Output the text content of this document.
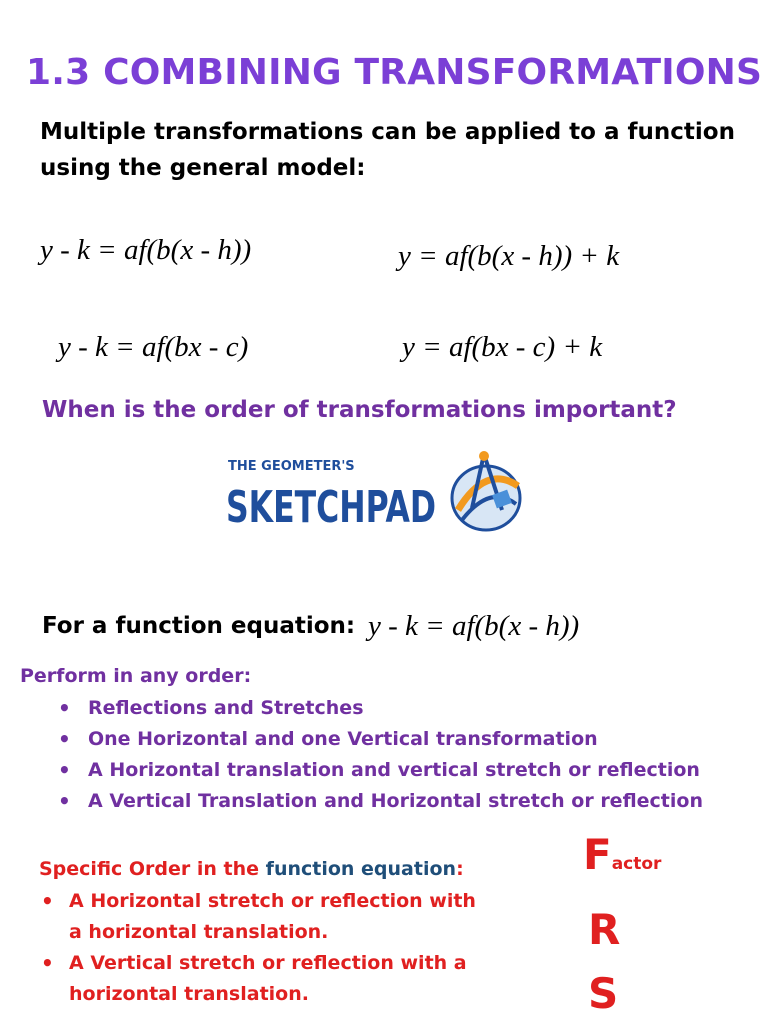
1.3 COMBINING TRANSFORMATIONS
Multiple transformations can be applied to a function
using the general model:
y - k = af(b(x - h))	y = af(b(x - h)) + k
y - k = af(bx - c)	y = af(bx - c) + k
When is the order of transformations important?
THE GEOMETER'S
SKETCHPAD
For a function equation: y - k = af(b(x - h))
Perform in any order:
• Reflections and Stretches
• One Horizontal and one Vertical transformation
• A Horizontal translation and vertical stretch or reflection
• A Vertical Translation and Horizontal stretch or reflection
Specific Order in the function equation:
• A Horizontal stretch or reflection with a horizontal translation.
• A Vertical stretch or reflection with a horizontal translation.
Factor
R
S
